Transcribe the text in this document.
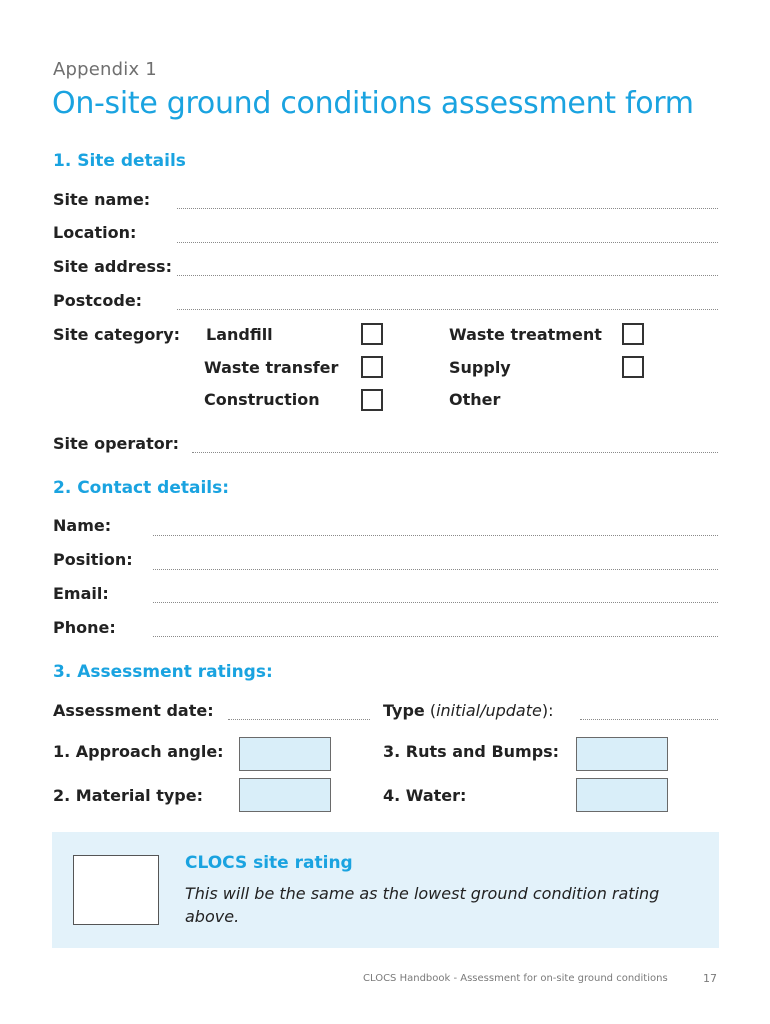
Appendix 1
On-site ground conditions assessment form
1. Site details
Site name:
Location:
Site address:
Postcode:
Site category: Landfill
Waste transfer
Construction
Waste treatment
Supply
Other
Site operator:
2. Contact details:
Name:
Position:
Email:
Phone:
3. Assessment ratings:
Assessment date:	Type (initial/update):
1. Approach angle:
2. Material type:
3. Ruts and Bumps:
4. Water:
CLOCS site rating
This will be the same as the lowest ground condition rating above.
CLOCS Handbook - Assessment for on-site ground conditions	17
